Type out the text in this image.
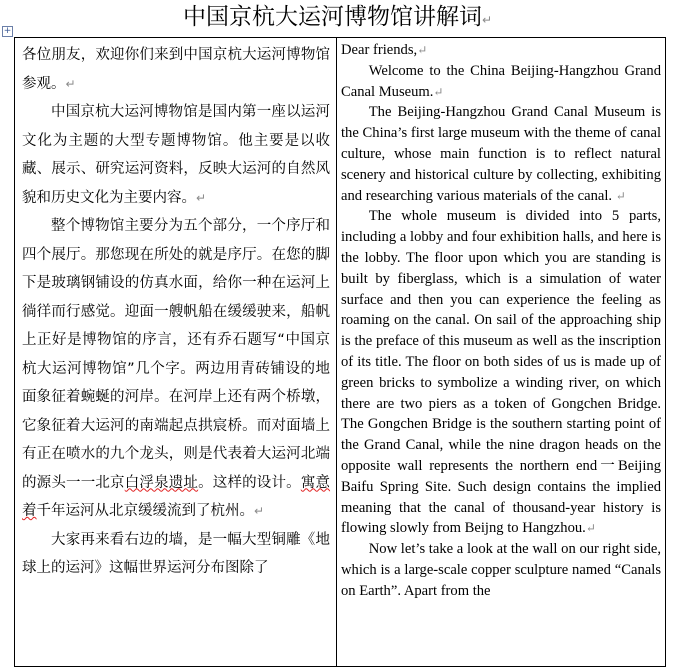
中国京杭大运河博物馆讲解词↵
+

各位朋友，欢迎你们来到中国京杭大运河博物馆参观。↵

中国京杭大运河博物馆是国内第一座以运河文化为主题的大型专题博物馆。他主要是以收藏、展示、研究运河资料，反映大运河的自然风貌和历史文化为主要内容。↵

整个博物馆主要分为五个部分，一个序厅和四个展厅。那您现在所处的就是序厅。在您的脚下是玻璃钢铺设的仿真水面，给你一种在运河上徜徉而行感觉。迎面一艘帆船在缓缓驶来，船帆上正好是博物馆的序言，还有乔石题写“中国京杭大运河博物馆”几个字。两边用青砖铺设的地面象征着蜿蜒的河岸。在河岸上还有两个桥墩，它象征着大运河的南端起点拱宸桥。而对面墙上有正在喷水的九个龙头，则是代表着大运河北端的源头一一北京白浮泉遗址。这样的设计。寓意着千年运河从北京缓缓流到了杭州。↵

大家再来看右边的墙，是一幅大型铜雕《地球上的运河》这幅世界运河分布图除了

Dear friends,↵

Welcome to the China Beijing-Hangzhou Grand Canal Museum.↵

The Beijing-Hangzhou Grand Canal Museum is the China’s first large museum with the theme of canal culture, whose main function is to reflect natural scenery and historical culture by collecting, exhibiting and researching various materials of the canal. ↵

The whole museum is divided into 5 parts, including a lobby and four exhibition halls, and here is the lobby. The floor upon which you are standing is built by fiberglass, which is a simulation of water surface and then you can experience the feeling as roaming on the canal. On sail of the approaching ship is the preface of this museum as well as the inscription of its title. The floor on both sides of us is made up of green bricks to symbolize a winding river, on which there are two piers as a token of Gongchen Bridge. The Gongchen Bridge is the southern starting point of the Grand Canal, while the nine dragon heads on the opposite wall represents the northern end一Beijing Baifu Spring Site. Such design contains the implied meaning that the canal of thousand-year history is flowing slowly from Beijng to Hangzhou.↵

Now let’s take a look at the wall on our right side, which is a large-scale copper sculpture named “Canals on Earth”. Apart from the
